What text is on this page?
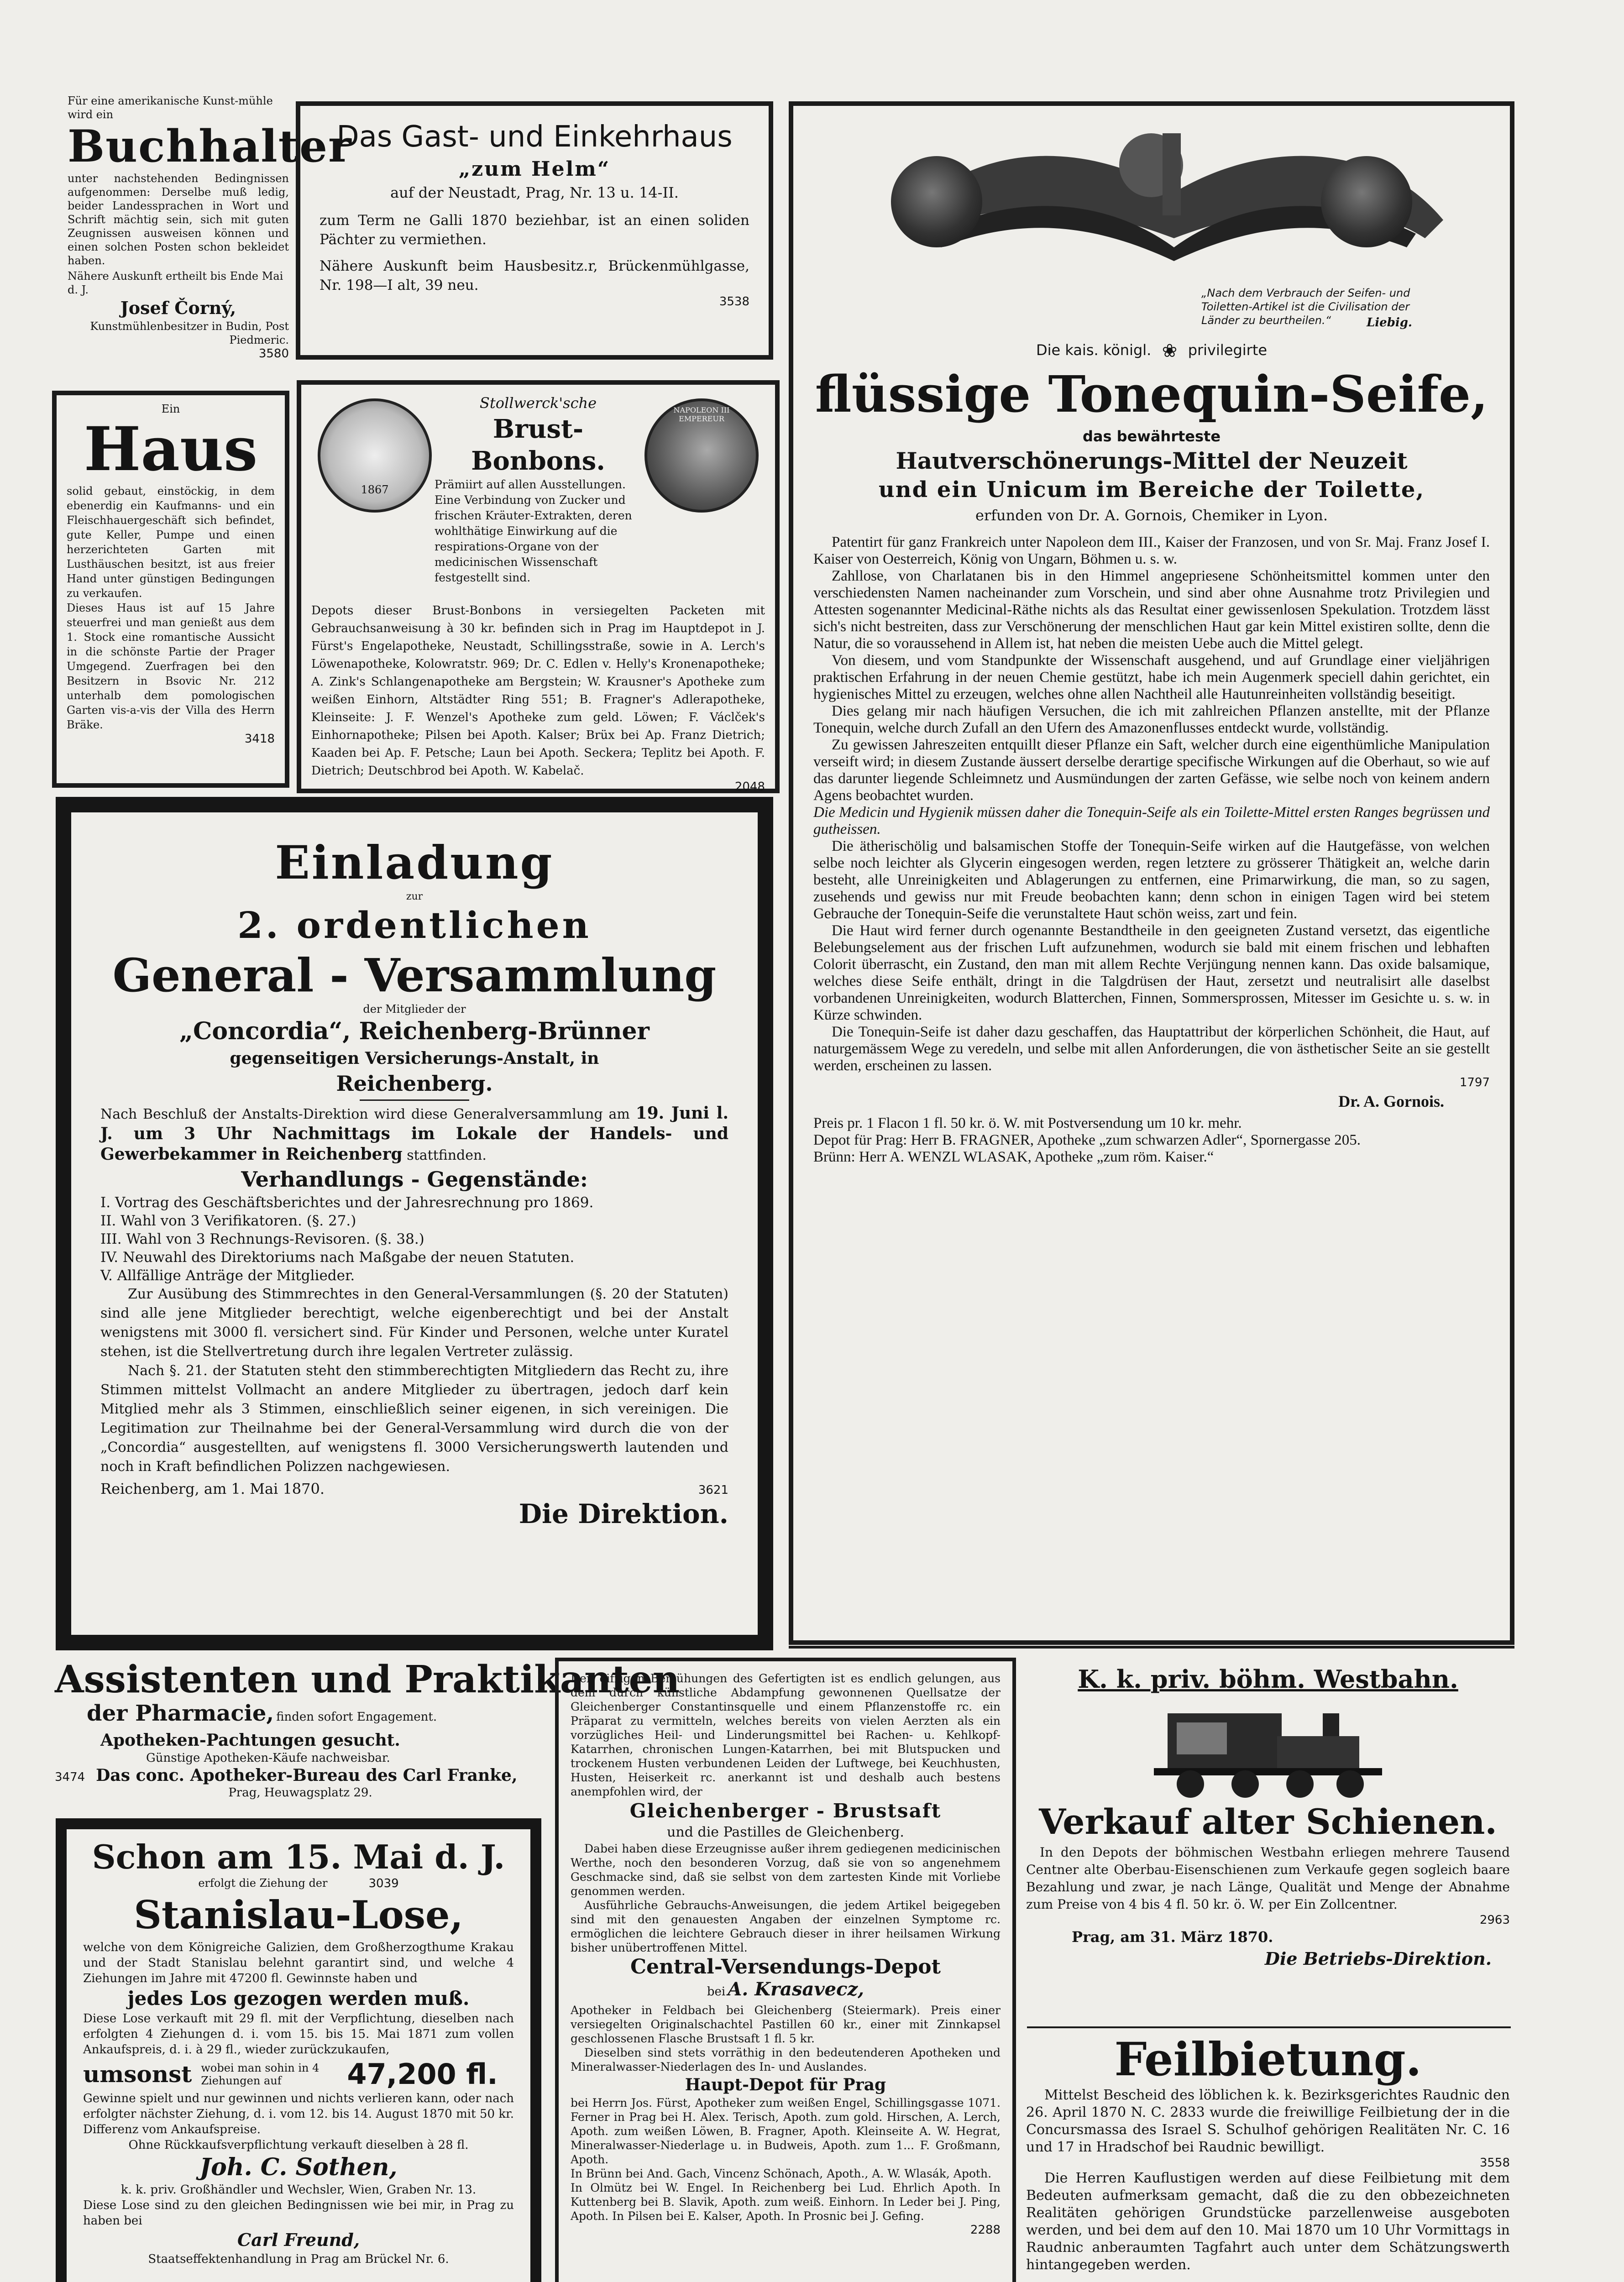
Für eine amerikanische Kunst-mühle wird ein

Buchhalter

unter nachstehenden Bedingnissen aufgenommen: Derselbe muß ledig, beider Landessprachen in Wort und Schrift mächtig sein, sich mit guten Zeugnissen ausweisen können und einen solchen Posten schon bekleidet haben.

Nähere Auskunft ertheilt bis Ende Mai d. J.

Josef Čorný,

Kunstmühlenbesitzer in Budin, Post Piedmeric.

3580

Das Gast- und Einkehrhaus

„zum Helm“

auf der Neustadt, Prag, Nr. 13 u. 14-II.

zum Term ne Galli 1870 beziehbar, ist an einen soliden Pächter zu vermiethen.

Nähere Auskunft beim Hausbesitz.r, Brückenmühlgasse, Nr. 198—I alt, 39 neu.

3538

Ein

Haus

solid gebaut, einstöckig, in dem ebenerdig ein Kaufmanns- und ein Fleischhauergeschäft sich befindet, gute Keller, Pumpe und einen herzerichteten Garten mit Lusthäuschen besitzt, ist aus freier Hand unter günstigen Bedingungen zu verkaufen.

Dieses Haus ist auf 15 Jahre steuerfrei und man genießt aus dem 1. Stock eine romantische Aussicht in die schönste Partie der Prager Umgegend. Zuerfragen bei den Besitzern in Bsovic Nr. 212 unterhalb dem pomologischen Garten vis-a-vis der Villa des Herrn Bräke.

3418

1867
NAPOLEON III EMPEREUR

Stollwerck'sche

Brust-Bonbons.

Prämiirt auf allen Ausstellungen. Eine Verbindung von Zucker und frischen Kräuter-Extrakten, deren wohlthätige Einwirkung auf die respirations-Organe von der medicinischen Wissenschaft festgestellt sind.

Depots dieser Brust-Bonbons in versiegelten Packeten mit Gebrauchsanweisung à 30 kr. befinden sich in Prag im Hauptdepot in J. Fürst's Engelapotheke, Neustadt, Schillingsstraße, sowie in A. Lerch's Löwenapotheke, Kolowratstr. 969; Dr. C. Edlen v. Helly's Kronenapotheke; A. Zink's Schlangenapotheke am Bergstein; W. Krausner's Apotheke zum weißen Einhorn, Altstädter Ring 551; B. Fragner's Adlerapotheke, Kleinseite: J. F. Wenzel's Apotheke zum geld. Löwen; F. Václček's Einhornapotheke; Pilsen bei Apoth. Kalser; Brüx bei Ap. Franz Dietrich; Kaaden bei Ap. F. Petsche; Laun bei Apoth. Seckera; Teplitz bei Apoth. F. Dietrich; Deutschbrod bei Apoth. W. Kabelač.

2048

Einladung

zur

2. ordentlichen

General - Versammlung

der Mitglieder der

„Concordia“, Reichenberg-Brünner

gegenseitigen Versicherungs-Anstalt, in

Reichenberg.

Nach Beschluß der Anstalts-Direktion wird diese Generalversammlung am 19. Juni l. J. um 3 Uhr Nachmittags im Lokale der Handels- und Gewerbekammer in Reichenberg stattfinden.

Verhandlungs - Gegenstände:

I. Vortrag des Geschäftsberichtes und der Jahresrechnung pro 1869.

II. Wahl von 3 Verifikatoren. (§. 27.)

III. Wahl von 3 Rechnungs-Revisoren. (§. 38.)

IV. Neuwahl des Direktoriums nach Maßgabe der neuen Statuten.

V. Allfällige Anträge der Mitglieder.

Zur Ausübung des Stimmrechtes in den General-Versammlungen (§. 20 der Statuten) sind alle jene Mitglieder berechtigt, welche eigenberechtigt und bei der Anstalt wenigstens mit 3000 fl. versichert sind. Für Kinder und Personen, welche unter Kuratel stehen, ist die Stellvertretung durch ihre legalen Vertreter zulässig.

Nach §. 21. der Statuten steht den stimmberechtigten Mitgliedern das Recht zu, ihre Stimmen mittelst Vollmacht an andere Mitglieder zu übertragen, jedoch darf kein Mitglied mehr als 3 Stimmen, einschließlich seiner eigenen, in sich vereinigen. Die Legitimation zur Theilnahme bei der General-Versammlung wird durch die von der „Concordia“ ausgestellten, auf wenigstens fl. 3000 Versicherungswerth lautenden und noch in Kraft befindlichen Polizzen nachgewiesen.

Reichenberg, am 1. Mai 1870.	3621

Die Direktion.

„Nach dem Verbrauch der Seifen- und Toiletten-Artikel ist die Civilisation der Länder zu beurtheilen.“	Liebig.

Die kais. königl. ❀ privilegirte

flüssige Tonequin-Seife,

das bewährteste

Hautverschönerungs-Mittel der Neuzeit

und ein Unicum im Bereiche der Toilette,

erfunden von Dr. A. Gornois, Chemiker in Lyon.

Patentirt für ganz Frankreich unter Napoleon dem III., Kaiser der Franzosen, und von Sr. Maj. Franz Josef I. Kaiser von Oesterreich, König von Ungarn, Böhmen u. s. w.

Zahllose, von Charlatanen bis in den Himmel angepriesene Schönheitsmittel kommen unter den verschiedensten Namen nacheinander zum Vorschein, und sind aber ohne Ausnahme trotz Privilegien und Attesten sogenannter Medicinal-Räthe nichts als das Resultat einer gewissenlosen Spekulation. Trotzdem lässt sich's nicht bestreiten, dass zur Verschönerung der menschlichen Haut gar kein Mittel existiren sollte, denn die Natur, die so voraussehend in Allem ist, hat neben die meisten Uebe auch die Mittel gelegt.

Von diesem, und vom Standpunkte der Wissenschaft ausgehend, und auf Grundlage einer vieljährigen praktischen Erfahrung in der neuen Chemie gestützt, habe ich mein Augenmerk speciell dahin gerichtet, ein hygienisches Mittel zu erzeugen, welches ohne allen Nachtheil alle Hautunreinheiten vollständig beseitigt.

Dies gelang mir nach häufigen Versuchen, die ich mit zahlreichen Pflanzen anstellte, mit der Pflanze Tonequin, welche durch Zufall an den Ufern des Amazonenflusses entdeckt wurde, vollständig.

Zu gewissen Jahreszeiten entquillt dieser Pflanze ein Saft, welcher durch eine eigenthümliche Manipulation verseift wird; in diesem Zustande äussert derselbe derartige specifische Wirkungen auf die Oberhaut, so wie auf das darunter liegende Schleimnetz und Ausmündungen der zarten Gefässe, wie selbe noch von keinem andern Agens beobachtet wurden.

Die Medicin und Hygienik müssen daher die Tonequin-Seife als ein Toilette-Mittel ersten Ranges begrüssen und gutheissen.

Die ätherischölig und balsamischen Stoffe der Tonequin-Seife wirken auf die Hautgefässe, von welchen selbe noch leichter als Glycerin eingesogen werden, regen letztere zu grösserer Thätigkeit an, welche darin besteht, alle Unreinigkeiten und Ablagerungen zu entfernen, eine Primarwirkung, die man, so zu sagen, zusehends und gewiss nur mit Freude beobachten kann; denn schon in einigen Tagen wird bei stetem Gebrauche der Tonequin-Seife die verunstaltete Haut schön weiss, zart und fein.

Die Haut wird ferner durch ogenannte Bestandtheile in den geeigneten Zustand versetzt, das eigentliche Belebungselement aus der frischen Luft aufzunehmen, wodurch sie bald mit einem frischen und lebhaften Colorit überrascht, ein Zustand, den man mit allem Rechte Verjüngung nennen kann. Das oxide balsamique, welches diese Seife enthält, dringt in die Talgdrüsen der Haut, zersetzt und neutralisirt alle daselbst vorbandenen Unreinigkeiten, wodurch Blatterchen, Finnen, Sommersprossen, Mitesser im Gesichte u. s. w. in Kürze schwinden.

Die Tonequin-Seife ist daher dazu geschaffen, das Hauptattribut der körperlichen Schönheit, die Haut, auf naturgemässem Wege zu veredeln, und selbe mit allen Anforderungen, die von ästhetischer Seite an sie gestellt werden, erscheinen zu lassen.

1797

Dr. A. Gornois.

Preis pr. 1 Flacon 1 fl. 50 kr. ö. W. mit Postversendung um 10 kr. mehr.

Depot für Prag: Herr B. FRAGNER, Apotheke „zum schwarzen Adler“, Spornergasse 205.

Brünn: Herr A. WENZL WLASAK, Apotheke „zum röm. Kaiser.“

Assistenten und Praktikanten

der Pharmacie, finden sofort Engagement.

Apotheken-Pachtungen gesucht.

Günstige Apotheken-Käufe nachweisbar.

3474 Das conc. Apotheker-Bureau des Carl Franke,

Prag, Heuwagsplatz 29.

Schon am 15. Mai d. J.

erfolgt die Ziehung der	3039

Stanislau-Lose,

welche von dem Königreiche Galizien, dem Großherzogthume Krakau und der Stadt Stanislau belehnt garantirt sind, und welche 4 Ziehungen im Jahre mit 47200 fl. Gewinnste haben und

jedes Los gezogen werden muß.

Diese Lose verkauft mit 29 fl. mit der Verpflichtung, dieselben nach erfolgten 4 Ziehungen d. i. vom 15. bis 15. Mai 1871 zum vollen Ankaufspreis, d. i. à 29 fl., wieder zurückzukaufen,

umsonst wobei man sohin in 4 Ziehungen auf	47,200 fl.

Gewinne spielt und nur gewinnen und nichts verlieren kann, oder nach erfolgter nächster Ziehung, d. i. vom 12. bis 14. August 1870 mit 50 kr. Differenz vom Ankaufspreise.

Ohne Rückkaufsverpflichtung verkauft dieselben à 28 fl.

Joh. C. Sothen,

k. k. priv. Großhändler und Wechsler, Wien, Graben Nr. 13.

Diese Lose sind zu den gleichen Bedingnissen wie bei mir, in Prag zu haben bei

Carl Freund,

Staatseffektenhandlung in Prag am Brückel Nr. 6.

Den eifrigen Bemühungen des Gefertigten ist es endlich gelungen, aus dem durch künstliche Abdampfung gewonnenen Quellsatze der Gleichenberger Constantinsquelle und einem Pflanzenstoffe rc. ein Präparat zu vermitteln, welches bereits von vielen Aerzten als ein vorzügliches Heil- und Linderungsmittel bei Rachen- u. Kehlkopf- Katarrhen, chronischen Lungen-Katarrhen, bei mit Blutspucken und trockenem Husten verbundenen Leiden der Luftwege, bei Keuchhusten, Husten, Heiserkeit rc. anerkannt ist und deshalb auch bestens anempfohlen wird, der

Gleichenberger - Brustsaft

und die Pastilles de Gleichenberg.

Dabei haben diese Erzeugnisse außer ihrem gediegenen medicinischen Werthe, noch den besonderen Vorzug, daß sie von so angenehmem Geschmacke sind, daß sie selbst von dem zartesten Kinde mit Vorliebe genommen werden.

Ausführliche Gebrauchs-Anweisungen, die jedem Artikel beigegeben sind mit den genauesten Angaben der einzelnen Symptome rc. ermöglichen die leichtere Gebrauch dieser in ihrer heilsamen Wirkung bisher unübertroffenen Mittel.

Central-Versendungs-Depot

bei A. Krasavecz,

Apotheker in Feldbach bei Gleichenberg (Steiermark). Preis einer versiegelten Originalschachtel Pastillen 60 kr., einer mit Zinnkapsel geschlossenen Flasche Brustsaft 1 fl. 5 kr.

Dieselben sind stets vorräthig in den bedeutenderen Apotheken und Mineralwasser-Niederlagen des In- und Auslandes.

Haupt-Depot für Prag

bei Herrn Jos. Fürst, Apotheker zum weißen Engel, Schillingsgasse 1071. Ferner in Prag bei H. Alex. Terisch, Apoth. zum gold. Hirschen, A. Lerch, Apoth. zum weißen Löwen, B. Fragner, Apoth. Kleinseite A. W. Hegrat, Mineralwasser-Niederlage u. in Budweis, Apoth. zum 1... F. Großmann, Apoth.

In Brünn bei And. Gach, Vincenz Schönach, Apoth., A. W. Wlasák, Apoth.

In Olmütz bei W. Engel. In Reichenberg bei Lud. Ehrlich Apoth. In Kuttenberg bei B. Slavik, Apoth. zum weiß. Einhorn. In Leder bei J. Ping, Apoth. In Pilsen bei E. Kalser, Apoth. In Prosnic bei J. Gefing.

2288

K. k. priv. böhm. Westbahn.

Verkauf alter Schienen.

In den Depots der böhmischen Westbahn erliegen mehrere Tausend Centner alte Oberbau-Eisenschienen zum Verkaufe gegen sogleich baare Bezahlung und zwar, je nach Länge, Qualität und Menge der Abnahme zum Preise von 4 bis 4 fl. 50 kr. ö. W. per Ein Zollcentner.

2963

Prag, am 31. März 1870.

Die Betriebs-Direktion.

Feilbietung.

Mittelst Bescheid des löblichen k. k. Bezirksgerichtes Raudnic den 26. April 1870 N. C. 2833 wurde die freiwillige Feilbietung der in die Concursmassa des Israel S. Schulhof gehörigen Realitäten Nr. C. 16 und 17 in Hradschof bei Raudnic bewilligt.

3558

Die Herren Kauflustigen werden auf diese Feilbietung mit dem Bedeuten aufmerksam gemacht, daß die zu den obbezeichneten Realitäten gehörigen Grundstücke parzellenweise ausgeboten werden, und bei dem auf den 10. Mai 1870 um 10 Uhr Vormittags in Raudnic anberaumten Tagfahrt auch unter dem Schätzungswerth hintangegeben werden.
